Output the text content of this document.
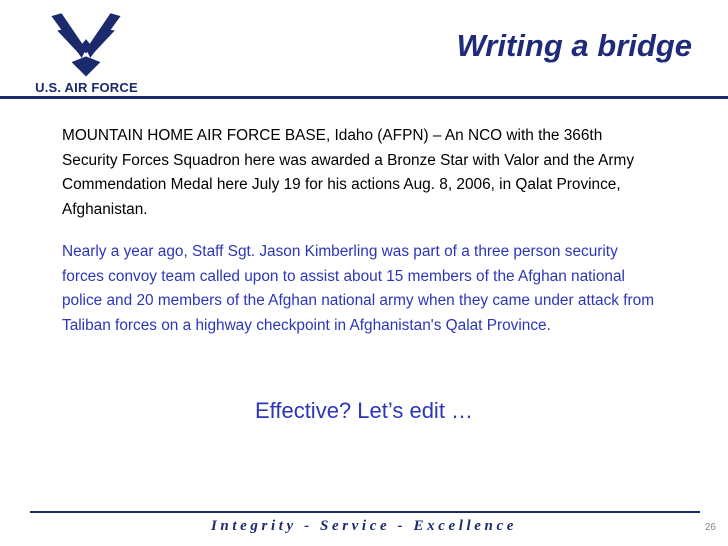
U.S. AIR FORCE
Writing a bridge
MOUNTAIN HOME AIR FORCE BASE, Idaho (AFPN) – An NCO with the 366th Security Forces Squadron here was awarded a Bronze Star with Valor and the Army Commendation Medal here July 19 for his actions Aug. 8, 2006, in Qalat Province, Afghanistan.
Nearly a year ago, Staff Sgt. Jason Kimberling was part of a three person security forces convoy team called upon to assist about 15 members of the Afghan national police and 20 members of the Afghan national army when they came under attack from Taliban forces on a highway checkpoint in Afghanistan's Qalat Province.
Effective? Let’s edit …
Integrity - Service - Excellence	26
